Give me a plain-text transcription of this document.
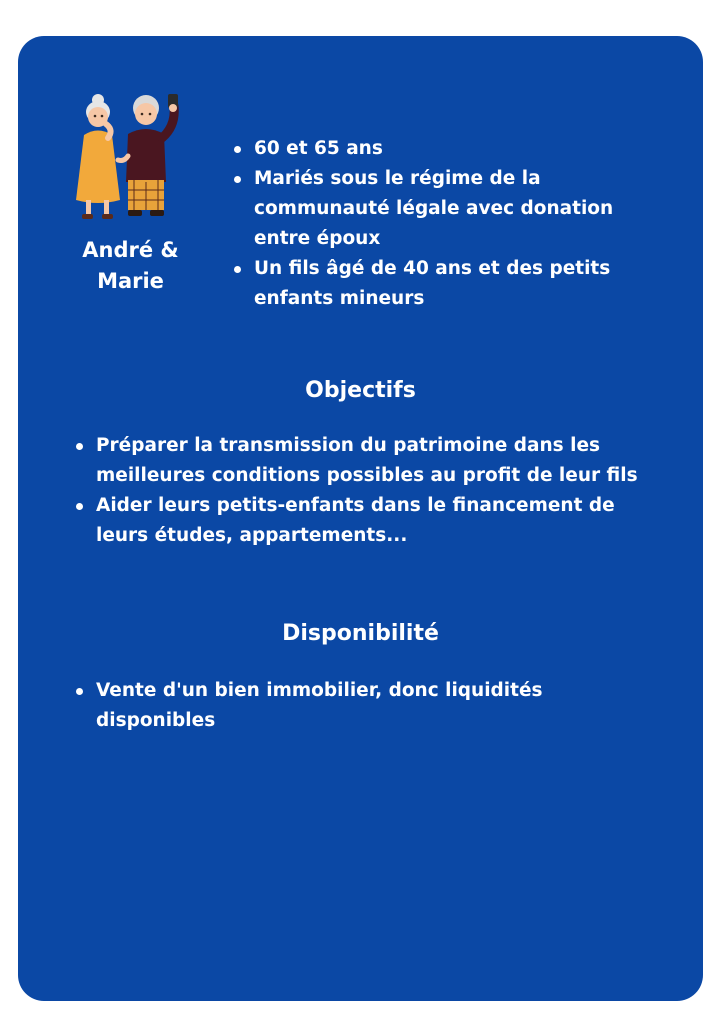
André &
Marie
60 et 65 ans
Mariés sous le régime de la communauté légale avec donation entre époux
Un fils âgé de 40 ans et des petits enfants mineurs
Objectifs
Préparer la transmission du patrimoine dans les meilleures conditions possibles au profit de leur fils
Aider leurs petits-enfants dans le financement de leurs études, appartements...
Disponibilité
Vente d'un bien immobilier, donc liquidités disponibles
